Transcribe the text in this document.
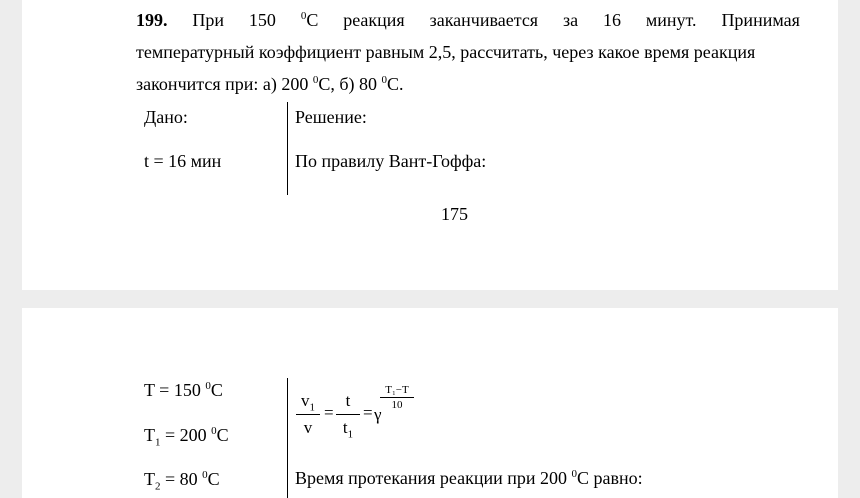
199. При 150 $^0$C реакция заканчивается за 16 минут. Принимая
температурный коэффициент равным 2,5, рассчитать, через какое время реакция
закончится при: а) 200 $^0$С, б) 80 $^0$С.
Дано:	Решение:
t = 16 мин	По правилу Вант-Гоффа:
175
T = 150 $^0$C
$T_1 = 200$ $^0$C
$T_2 = 80$ $^0$C
$v_1$
v
=
t
$t_1$
= γ
T₁−T
10
Время протекания реакции при 200 $^0$С равно:
